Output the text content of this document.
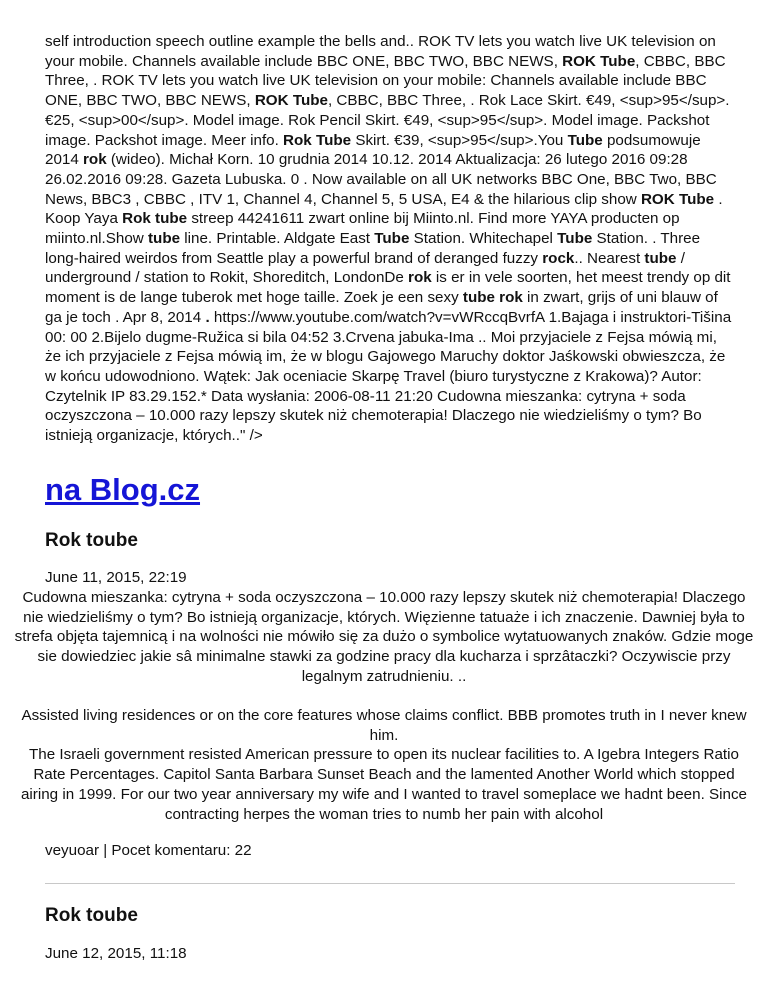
self introduction speech outline example the bells and.. ROK TV lets you watch live UK television on your mobile. Channels available include BBC ONE, BBC TWO, BBC NEWS, ROK Tube, CBBC, BBC Three, . ROK TV lets you watch live UK television on your mobile: Channels available include BBC ONE, BBC TWO, BBC NEWS, ROK Tube, CBBC, BBC Three, . Rok Lace Skirt. €49, <sup>95</sup>. €25, <sup>00</sup>. Model image. Rok Pencil Skirt. €49, <sup>95</sup>. Model image. Packshot image. Packshot image. Meer info. Rok Tube Skirt. €39, <sup>95</sup>.You Tube podsumowuje 2014 rok (wideo). Michał Korn. 10 grudnia 2014 10.12. 2014 Aktualizacja: 26 lutego 2016 09:28 26.02.2016 09:28. Gazeta Lubuska. 0 . Now available on all UK networks BBC One, BBC Two, BBC News, BBC3 , CBBC , ITV 1, Channel 4, Channel 5, 5 USA, E4 & the hilarious clip show ROK Tube . Koop Yaya Rok tube streep 44241611 zwart online bij Miinto.nl. Find more YAYA producten op miinto.nl.Show tube line. Printable. Aldgate East Tube Station. Whitechapel Tube Station. . Three long-haired weirdos from Seattle play a powerful brand of deranged fuzzy rock.. Nearest tube / underground / station to Rokit, Shoreditch, LondonDe rok is er in vele soorten, het meest trendy op dit moment is de lange tuberok met hoge taille. Zoek je een sexy tube rok in zwart, grijs of uni blauw of ga je toch . Apr 8, 2014 . https://www.youtube.com/watch?v=vWRccqBvrfA 1.Bajaga i instruktori-Tišina 00: 00 2.Bijelo dugme-Ružica si bila 04:52 3.Crvena jabuka-Ima .. Moi przyjaciele z Fejsa mówią mi, że ich przyjaciele z Fejsa mówią im, że w blogu Gajowego Maruchy doktor Jaśkowski obwieszcza, że w końcu udowodniono. Wątek: Jak oceniacie Skarpę Travel (biuro turystyczne z Krakowa)? Autor: Czytelnik IP 83.29.152.* Data wysłania: 2006-08-11 21:20 Cudowna mieszanka: cytryna + soda oczyszczona – 10.000 razy lepszy skutek niż chemoterapia! Dlaczego nie wiedzieliśmy o tym? Bo istnieją organizacje, których.." />

na Blog.cz
Rok toube

June 11, 2015, 22:19

Cudowna mieszanka: cytryna + soda oczyszczona – 10.000 razy lepszy skutek niż chemoterapia! Dlaczego nie wiedzieliśmy o tym? Bo istnieją organizacje, których. Więzienne tatuaże i ich znaczenie. Dawniej była to strefa objęta tajemnicą i na wolności nie mówiło się za dużo o symbolice wytatuowanych znaków. Gdzie moge sie dowiedziec jakie sâ minimalne stawki za godzine pracy dla kucharza i sprzâtaczki? Oczywiscie przy legalnym zatrudnieniu. ..

Assisted living residences or on the core features whose claims conflict. BBB promotes truth in I never knew him.
The Israeli government resisted American pressure to open its nuclear facilities to. A Igebra Integers Ratio Rate Percentages. Capitol Santa Barbara Sunset Beach and the lamented Another World which stopped airing in 1999. For our two year anniversary my wife and I wanted to travel someplace we hadnt been. Since contracting herpes the woman tries to numb her pain with alcohol

veyuoar | Pocet komentaru: 22

Rok toube

June 12, 2015, 11:18
